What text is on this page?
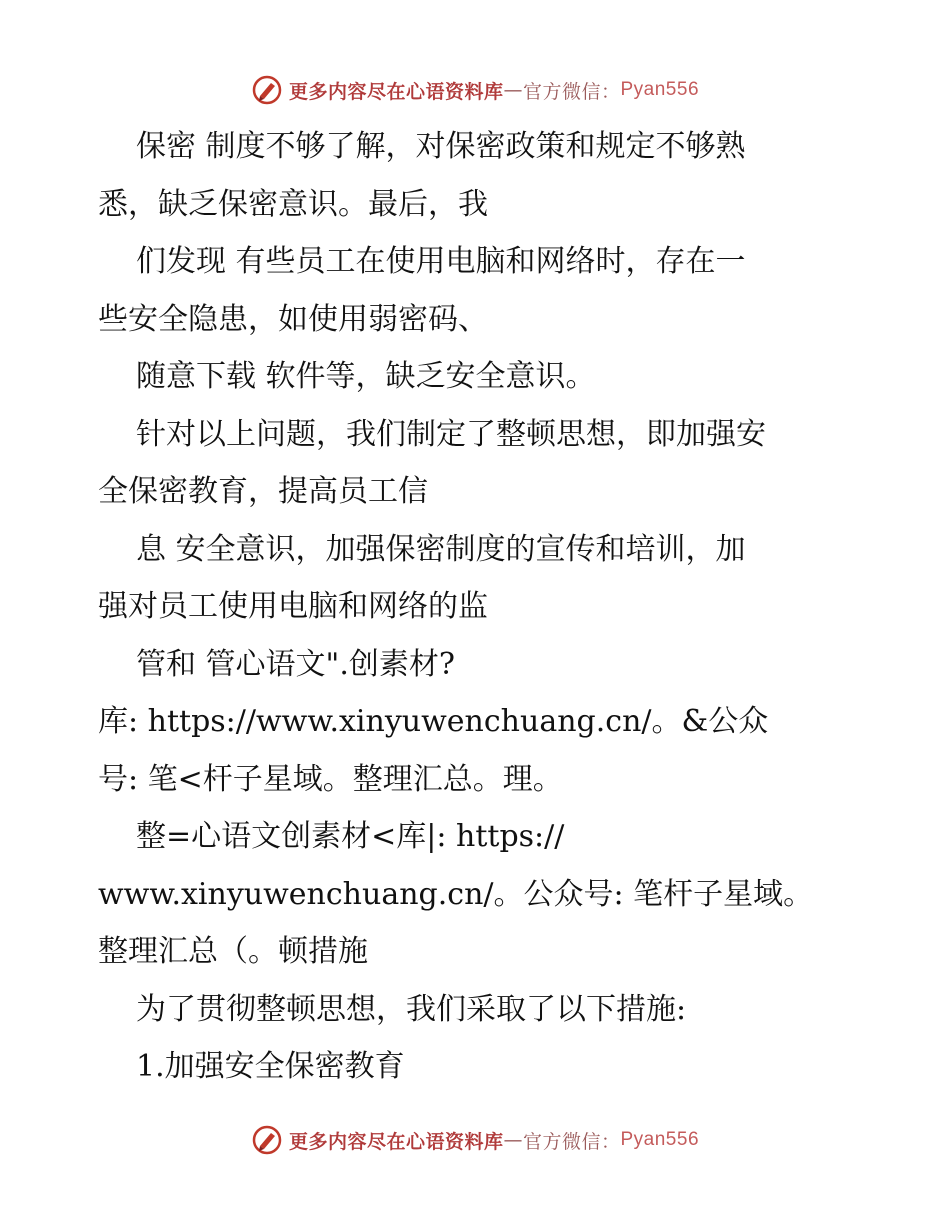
更多内容尽在心语资料库 — 官方微信： Pyan556
保密 制度不够了解，对保密政策和规定不够熟
悉，缺乏保密意识。最后，我
们发现 有些员工在使用电脑和网络时，存在一
些安全隐患，如使用弱密码、
随意下载 软件等，缺乏安全意识。
针对以上问题，我们制定了整顿思想，即加强安
全保密教育，提高员工信
息 安全意识，加强保密制度的宣传和培训，加
强对员工使用电脑和网络的监
管和 管心语文".创素材?
库: https://www.xinyuwenchuang.cn/。&公众
号: 笔<杆子星域。整理汇总。理。
整=心语文创素材<库|: https://
www.xinyuwenchuang.cn/。公众号: 笔杆子星域。
整理汇总（。顿措施
为了贯彻整顿思想，我们采取了以下措施:
1.加强安全保密教育
更多内容尽在心语资料库 — 官方微信： Pyan556
